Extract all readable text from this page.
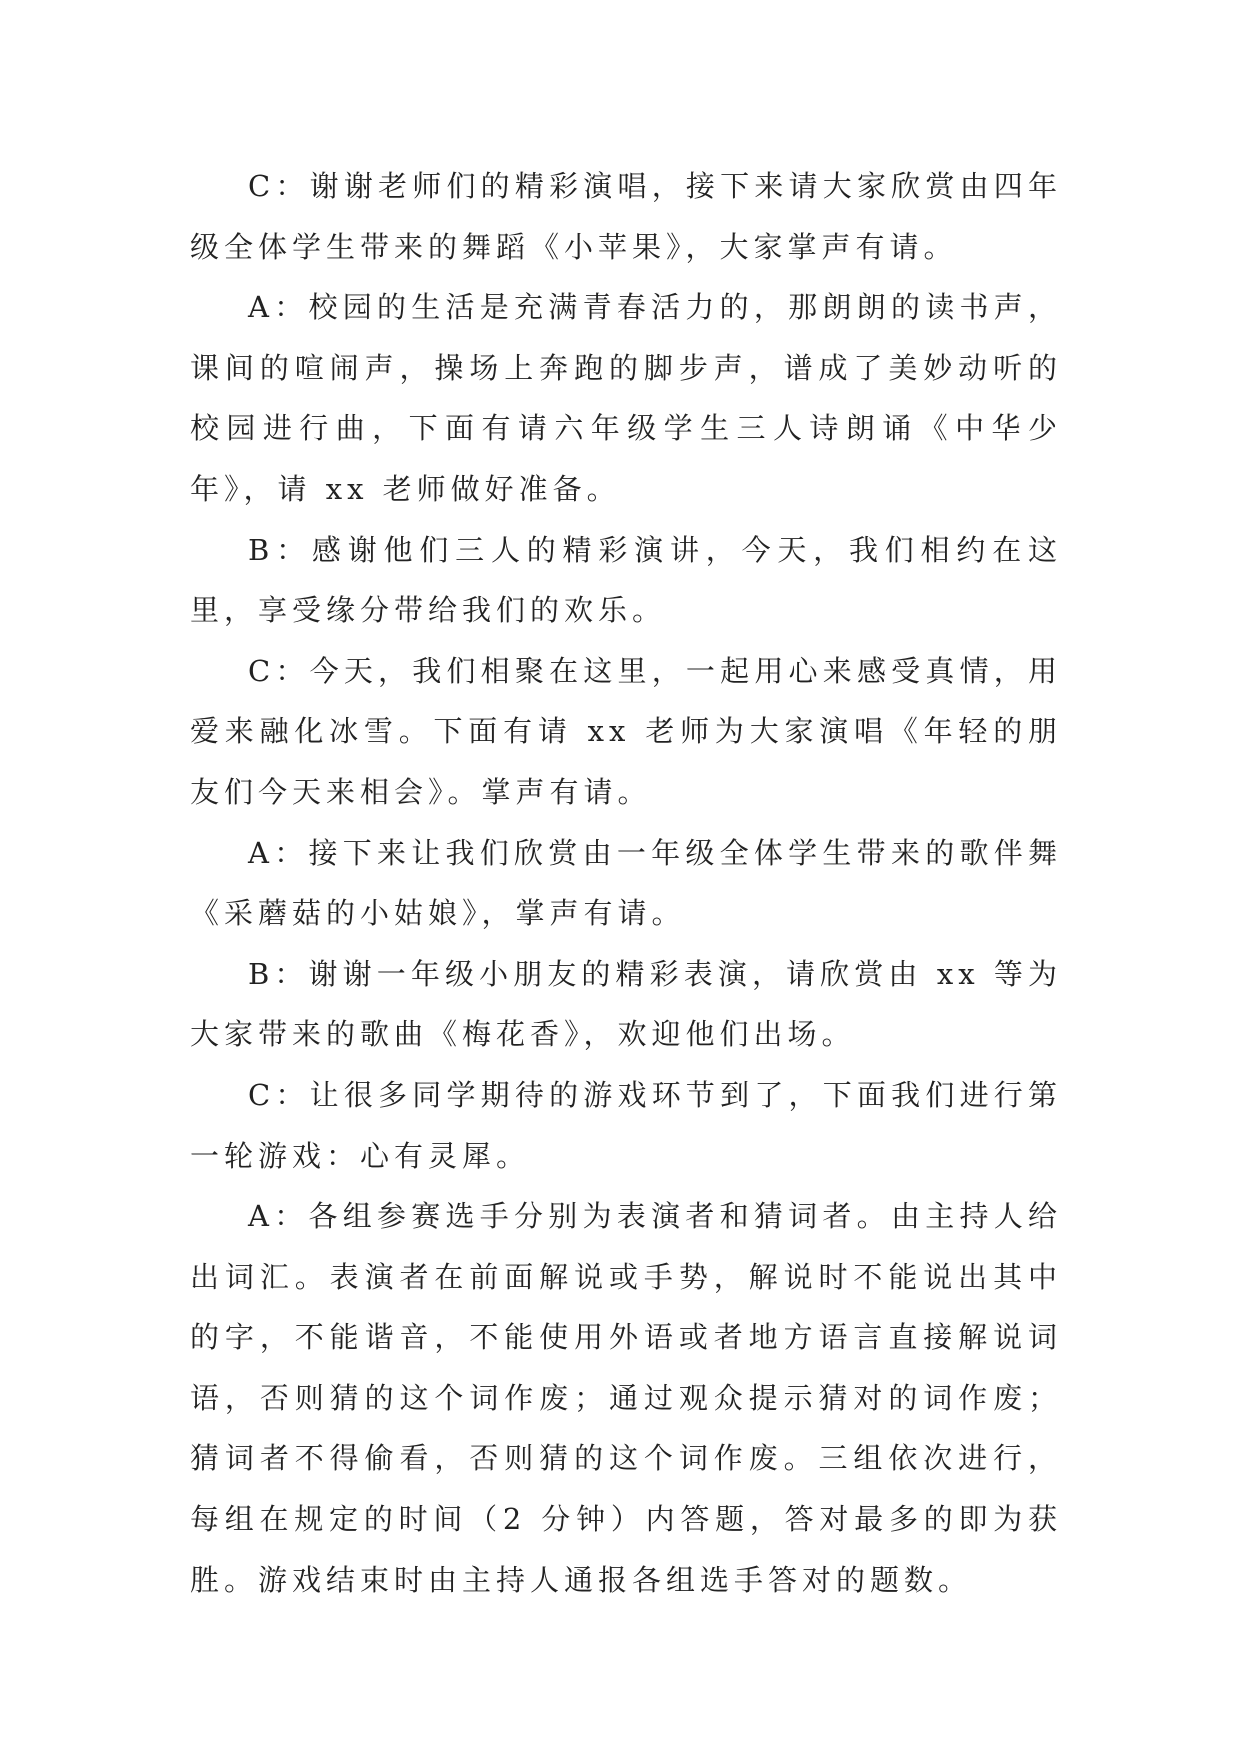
C：谢谢老师们的精彩演唱，接下来请大家欣赏由四年级全体学生带来的舞蹈《小苹果》，大家掌声有请。

A：校园的生活是充满青春活力的，那朗朗的读书声，课间的喧闹声，操场上奔跑的脚步声，谱成了美妙动听的校园进行曲，下面有请六年级学生三人诗朗诵《中华少年》，请 xx 老师做好准备。

B：感谢他们三人的精彩演讲，今天，我们相约在这里，享受缘分带给我们的欢乐。

C：今天，我们相聚在这里，一起用心来感受真情，用爱来融化冰雪。下面有请 xx 老师为大家演唱《年轻的朋友们今天来相会》。掌声有请。

A：接下来让我们欣赏由一年级全体学生带来的歌伴舞《采蘑菇的小姑娘》，掌声有请。

B：谢谢一年级小朋友的精彩表演，请欣赏由 xx 等为大家带来的歌曲《梅花香》，欢迎他们出场。

C：让很多同学期待的游戏环节到了，下面我们进行第一轮游戏：心有灵犀。

A：各组参赛选手分别为表演者和猜词者。由主持人给出词汇。表演者在前面解说或手势，解说时不能说出其中的字，不能谐音，不能使用外语或者地方语言直接解说词语，否则猜的这个词作废；通过观众提示猜对的词作废；猜词者不得偷看，否则猜的这个词作废。三组依次进行，每组在规定的时间（2 分钟）内答题，答对最多的即为获胜。游戏结束时由主持人通报各组选手答对的题数。
